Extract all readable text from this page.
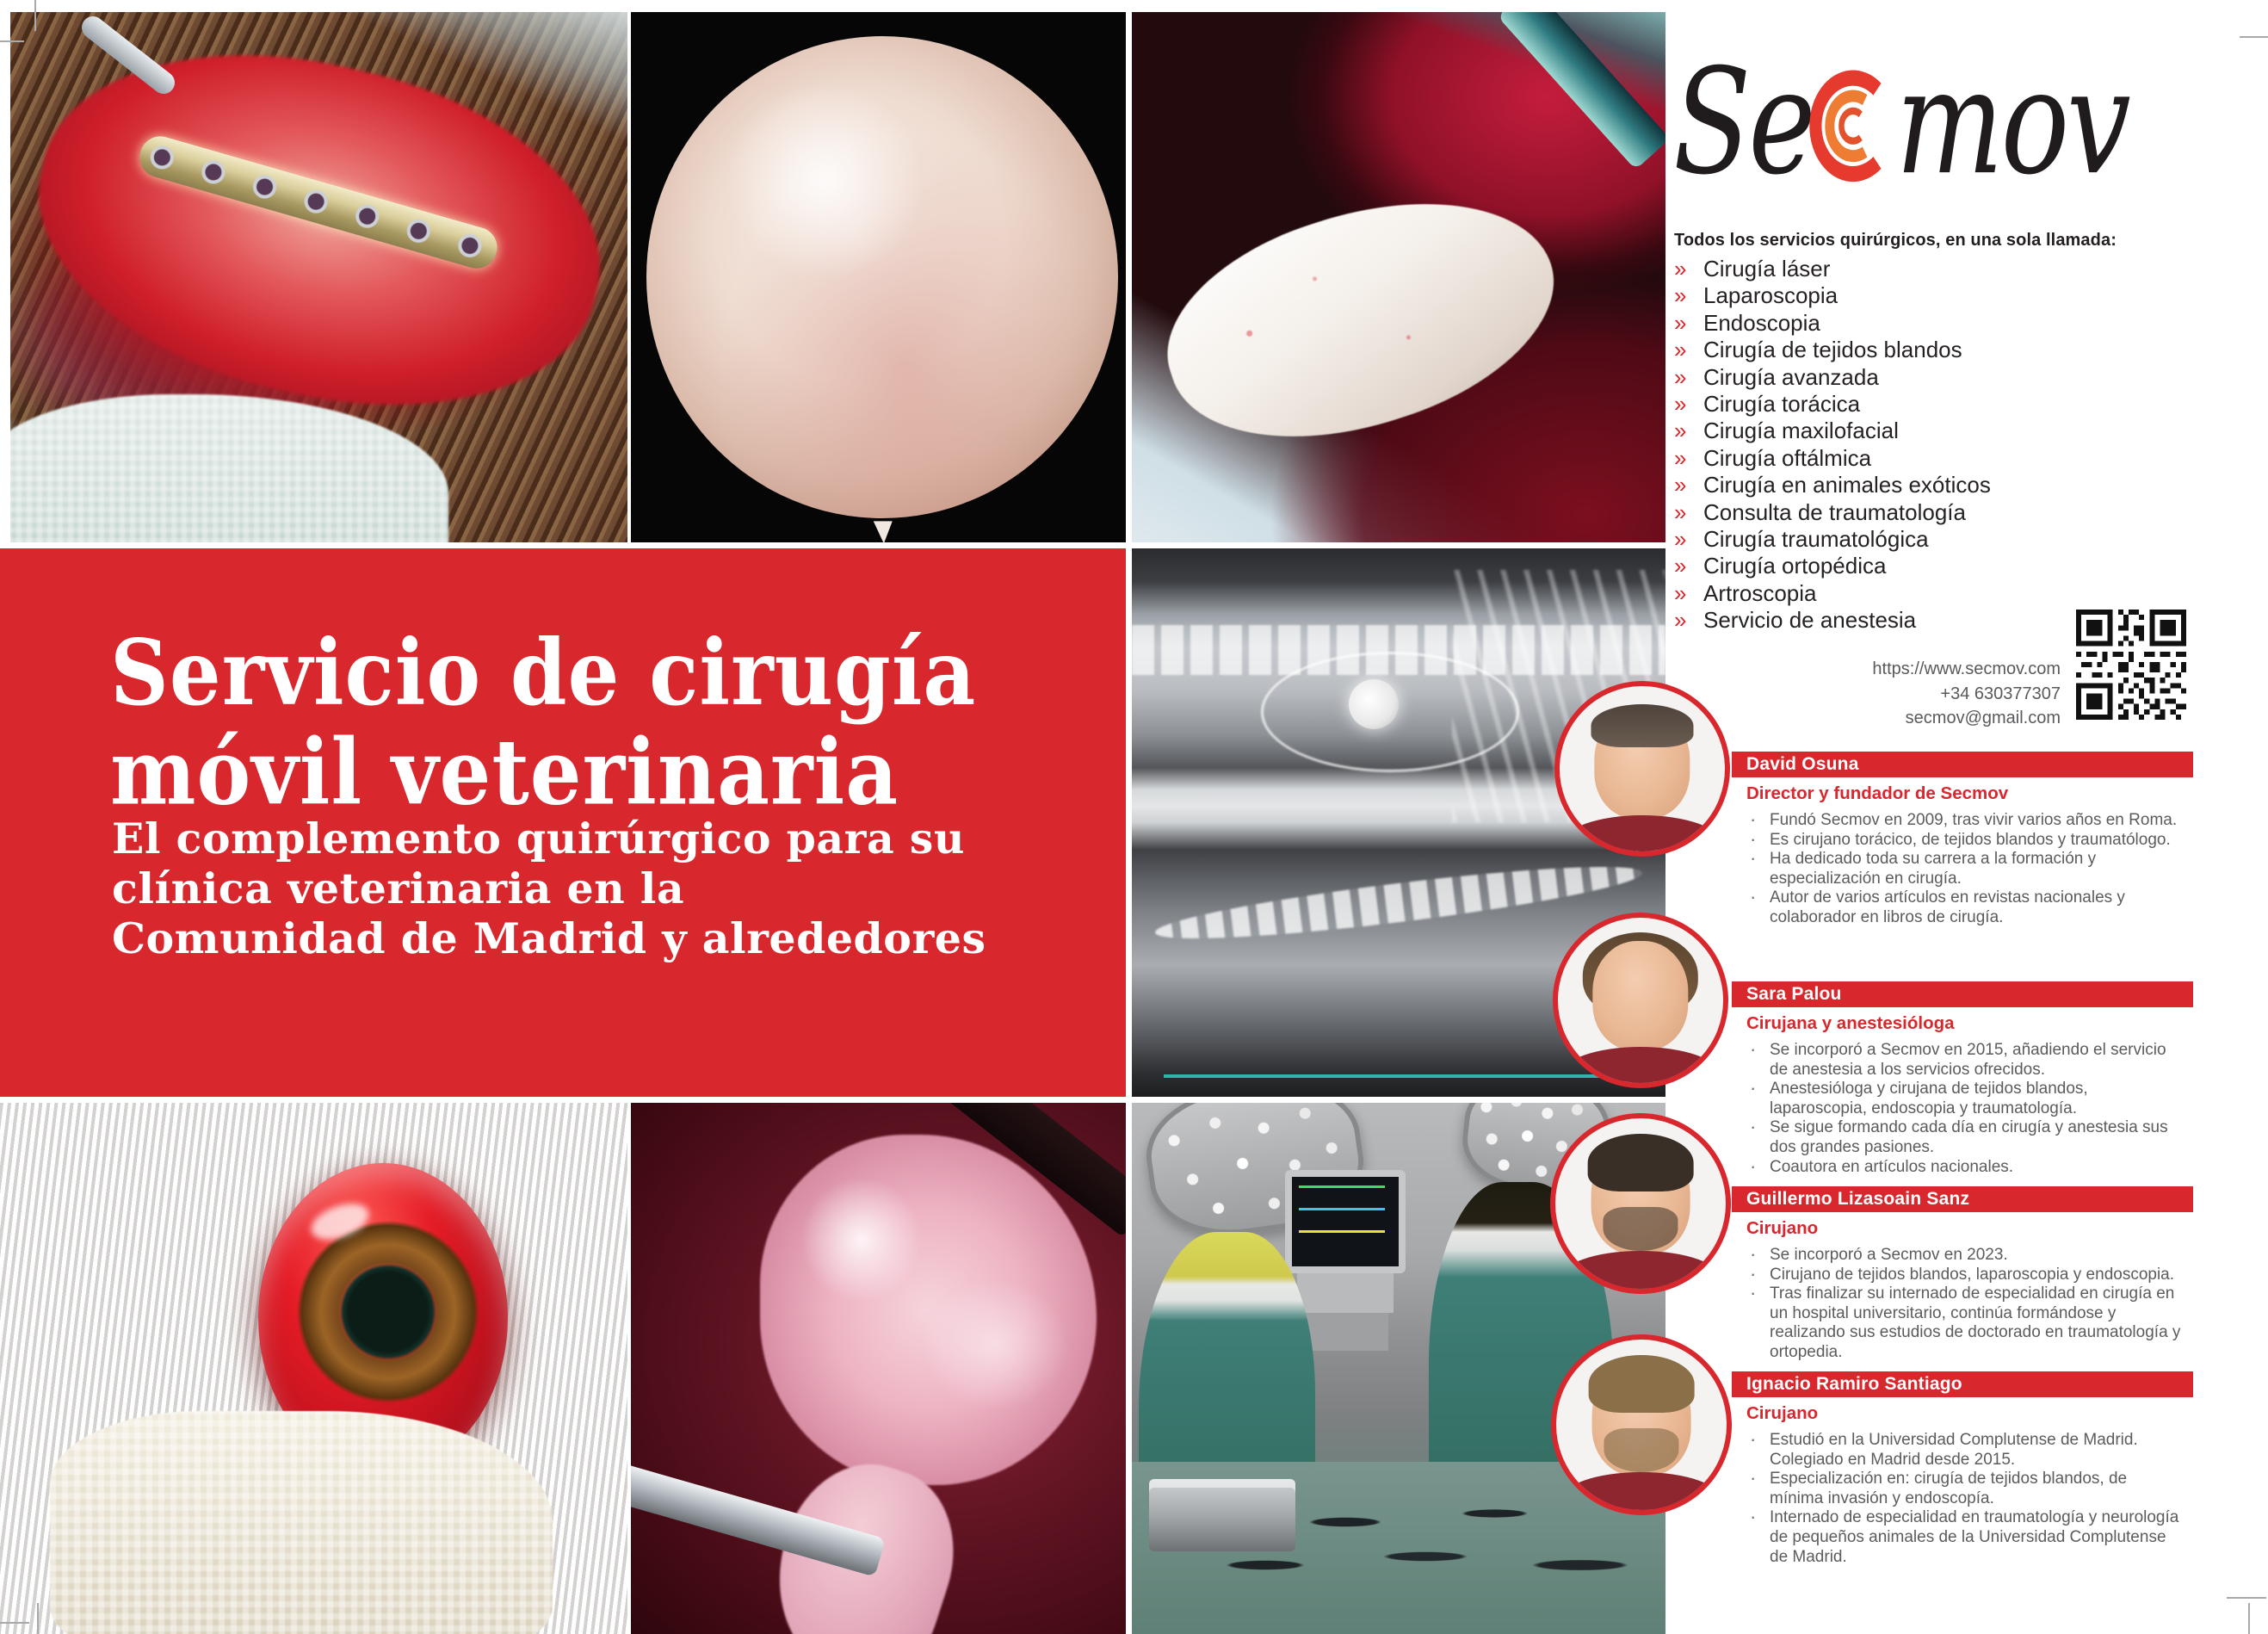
Servicio de cirugía
móvil veterinaria

El complemento quirúrgico para su
clínica veterinaria en la
Comunidad de Madrid y alrededores

Se mov

Todos los servicios quirúrgicos, en una sola llamada:

» Cirugía láser
» Laparoscopia
» Endoscopia
» Cirugía de tejidos blandos
» Cirugía avanzada
» Cirugía torácica
» Cirugía maxilofacial
» Cirugía oftálmica
» Cirugía en animales exóticos
» Consulta de traumatología
» Cirugía traumatológica
» Cirugía ortopédica
» Artroscopia
» Servicio de anestesia
https://www.secmov.com
+34 630377307
secmov@gmail.com
David Osuna

Director y fundador de Secmov

· Fundó Secmov en 2009, tras vivir varios años en Roma.
· Es cirujano torácico, de tejidos blandos y traumatólogo.
· Ha dedicado toda su carrera a la formación y especialización en cirugía.
· Autor de varios artículos en revistas nacionales y colaborador en libros de cirugía.
Sara Palou

Cirujana y anestesióloga

· Se incorporó a Secmov en 2015, añadiendo el servicio de anestesia a los servicios ofrecidos.
· Anestesióloga y cirujana de tejidos blandos, laparoscopia, endoscopia y traumatología.
· Se sigue formando cada día en cirugía y anestesia sus dos grandes pasiones.
· Coautora en artículos nacionales.
Guillermo Lizasoain Sanz

Cirujano

· Se incorporó a Secmov en 2023.
· Cirujano de tejidos blandos, laparoscopia y endoscopia.
· Tras finalizar su internado de especialidad en cirugía en un hospital universitario, continúa formándose y realizando sus estudios de doctorado en traumatología y ortopedia.
Ignacio Ramiro Santiago

Cirujano

· Estudió en la Universidad Complutense de Madrid. Colegiado en Madrid desde 2015.
· Especialización en: cirugía de tejidos blandos, de mínima invasión y endoscopía.
· Internado de especialidad en traumatología y neurología de pequeños animales de la Universidad Complutense de Madrid.
